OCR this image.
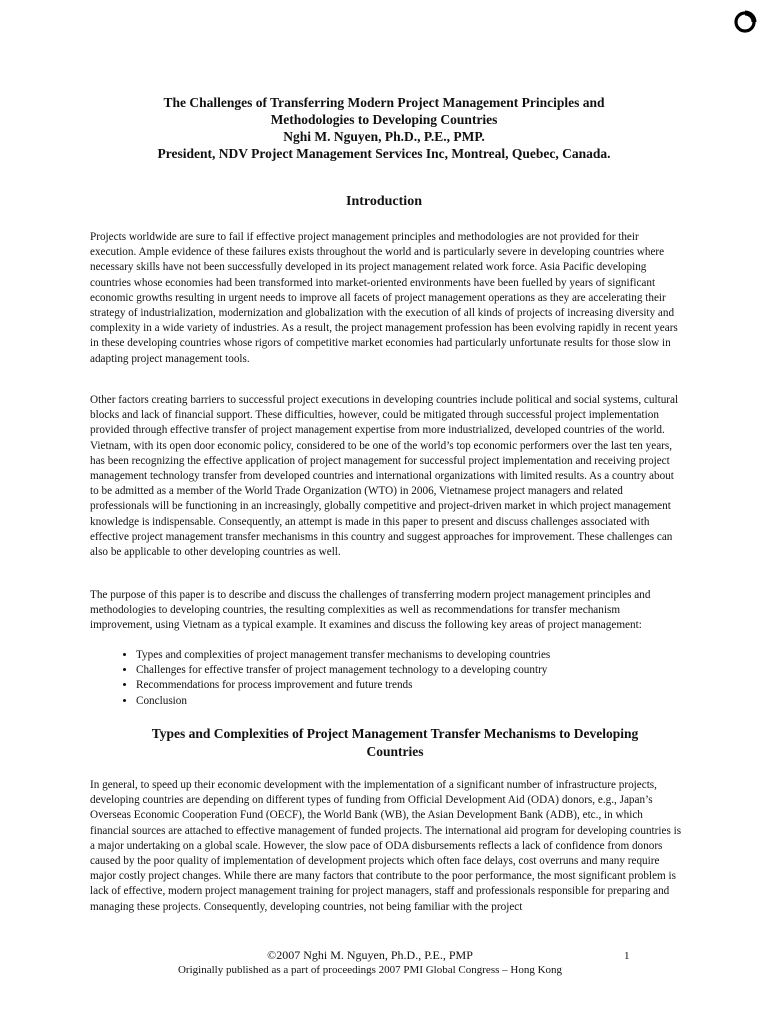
The Challenges of Transferring Modern Project Management Principles and
Methodologies to Developing Countries
Nghi M. Nguyen, Ph.D., P.E., PMP.
President, NDV Project Management Services Inc, Montreal, Quebec, Canada.
Introduction

Projects worldwide are sure to fail if effective project management principles and methodologies are not provided for their execution. Ample evidence of these failures exists throughout the world and is particularly severe in developing countries where necessary skills have not been successfully developed in its project management related work force. Asia Pacific developing countries whose economies had been transformed into market-oriented environments have been fuelled by years of significant economic growths resulting in urgent needs to improve all facets of project management operations as they are accelerating their strategy of industrialization, modernization and globalization with the execution of all kinds of projects of increasing diversity and complexity in a wide variety of industries. As a result, the project management profession has been evolving rapidly in recent years in these developing countries whose rigors of competitive market economies had particularly unfortunate results for those slow in adapting project management tools.

Other factors creating barriers to successful project executions in developing countries include political and social systems, cultural blocks and lack of financial support. These difficulties, however, could be mitigated through successful project implementation provided through effective transfer of project management expertise from more industrialized, developed countries of the world. Vietnam, with its open door economic policy, considered to be one of the world’s top economic performers over the last ten years, has been recognizing the effective application of project management for successful project implementation and receiving project management technology transfer from developed countries and international organizations with limited results. As a country about to be admitted as a member of the World Trade Organization (WTO) in 2006, Vietnamese project managers and related professionals will be functioning in an increasingly, globally competitive and project-driven market in which project management knowledge is indispensable. Consequently, an attempt is made in this paper to present and discuss challenges associated with effective project management transfer mechanisms in this country and suggest approaches for improvement. These challenges can also be applicable to other developing countries as well.

The purpose of this paper is to describe and discuss the challenges of transferring modern project management principles and methodologies to developing countries, the resulting complexities as well as recommendations for transfer mechanism improvement, using Vietnam as a typical example. It examines and discuss the following key areas of project management:

• Types and complexities of project management transfer mechanisms to developing countries
• Challenges for effective transfer of project management technology to a developing country
• Recommendations for process improvement and future trends
• Conclusion
Types and Complexities of Project Management Transfer Mechanisms to Developing
Countries

In general, to speed up their economic development with the implementation of a significant number of infrastructure projects, developing countries are depending on different types of funding from Official Development Aid (ODA) donors, e.g., Japan’s Overseas Economic Cooperation Fund (OECF), the World Bank (WB), the Asian Development Bank (ADB), etc., in which financial sources are attached to effective management of funded projects. The international aid program for developing countries is a major undertaking on a global scale. However, the slow pace of ODA disbursements reflects a lack of confidence from donors caused by the poor quality of implementation of development projects which often face delays, cost overruns and many require major costly project changes. While there are many factors that contribute to the poor performance, the most significant problem is lack of effective, modern project management training for project managers, staff and professionals responsible for preparing and managing these projects. Consequently, developing countries, not being familiar with the project

©2007 Nghi M. Nguyen, Ph.D., P.E., PMP	1
Originally published as a part of proceedings 2007 PMI Global Congress – Hong Kong
